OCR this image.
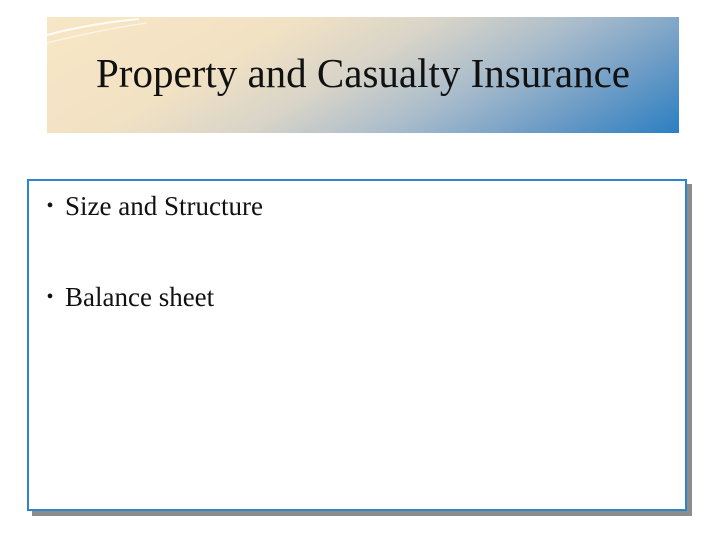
Property and Casualty Insurance
• Size and Structure
• Balance sheet
